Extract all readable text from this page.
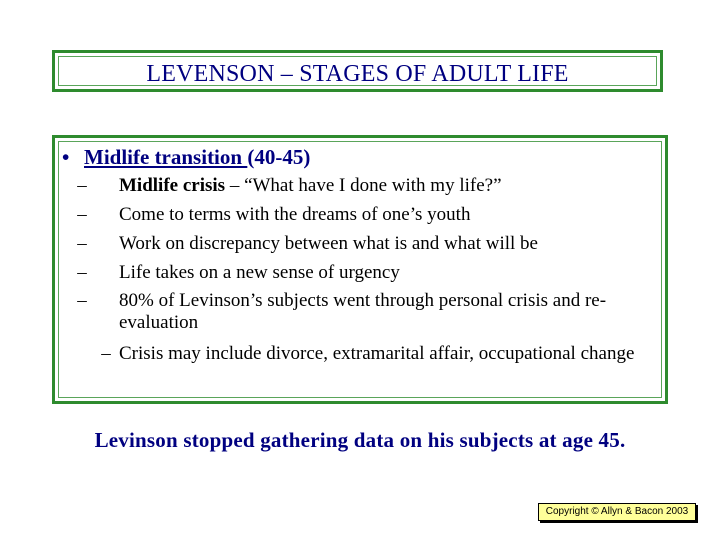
LEVENSON – STAGES OF ADULT LIFE
• Midlife transition (40-45)
–	Midlife crisis – “What have I done with my life?”
–	Come to terms with the dreams of one’s youth
–	Work on discrepancy between what is and what will be
–	Life takes on a new sense of urgency
–	80% of Levinson’s subjects went through personal crisis and re-evaluation
– Crisis may include divorce, extramarital affair, occupational change
Levinson stopped gathering data on his subjects at age 45.
Copyright © Allyn & Bacon 2003
